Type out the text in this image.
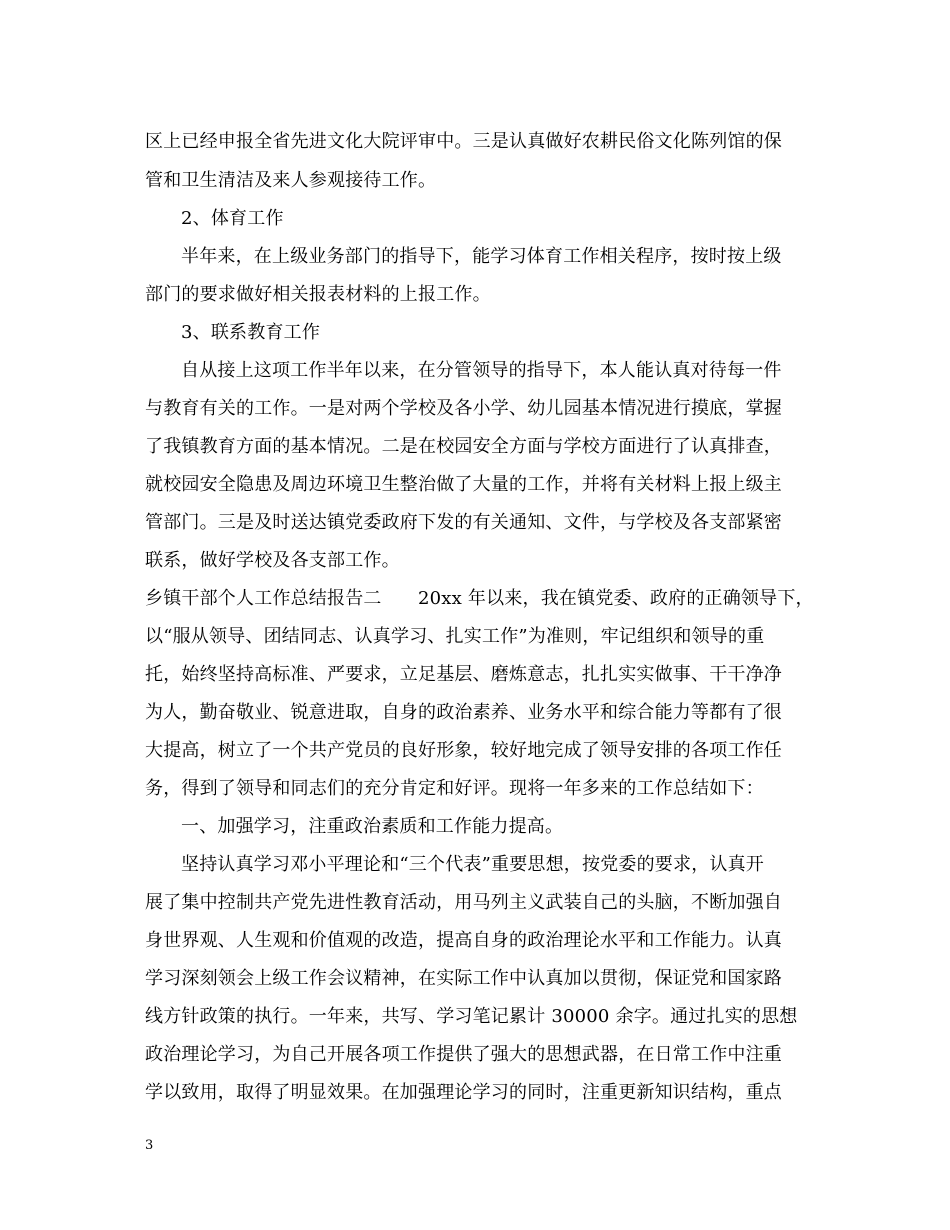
区上已经申报全省先进文化大院评审中。三是认真做好农耕民俗文化陈列馆的保
管和卫生清洁及来人参观接待工作。
2、体育工作
半年来，在上级业务部门的指导下，能学习体育工作相关程序，按时按上级
部门的要求做好相关报表材料的上报工作。
3、联系教育工作
自从接上这项工作半年以来，在分管领导的指导下，本人能认真对待每一件
与教育有关的工作。一是对两个学校及各小学、幼儿园基本情况进行摸底，掌握
了我镇教育方面的基本情况。二是在校园安全方面与学校方面进行了认真排查，
就校园安全隐患及周边环境卫生整治做了大量的工作，并将有关材料上报上级主
管部门。三是及时送达镇党委政府下发的有关通知、文件，与学校及各支部紧密
联系，做好学校及各支部工作。
乡镇干部个人工作总结报告二　　20xx 年以来，我在镇党委、政府的正确领导下，
以“服从领导、团结同志、认真学习、扎实工作”为准则，牢记组织和领导的重
托，始终坚持高标准、严要求，立足基层、磨炼意志，扎扎实实做事、干干净净
为人，勤奋敬业、锐意进取，自身的政治素养、业务水平和综合能力等都有了很
大提高，树立了一个共产党员的良好形象，较好地完成了领导安排的各项工作任
务，得到了领导和同志们的充分肯定和好评。现将一年多来的工作总结如下：
一、加强学习，注重政治素质和工作能力提高。
坚持认真学习邓小平理论和“三个代表”重要思想，按党委的要求，认真开
展了集中控制共产党先进性教育活动，用马列主义武装自己的头脑，不断加强自
身世界观、人生观和价值观的改造，提高自身的政治理论水平和工作能力。认真
学习深刻领会上级工作会议精神，在实际工作中认真加以贯彻，保证党和国家路
线方针政策的执行。一年来，共写、学习笔记累计 30000 余字。通过扎实的思想
政治理论学习，为自己开展各项工作提供了强大的思想武器，在日常工作中注重
学以致用，取得了明显效果。在加强理论学习的同时，注重更新知识结构，重点
3
